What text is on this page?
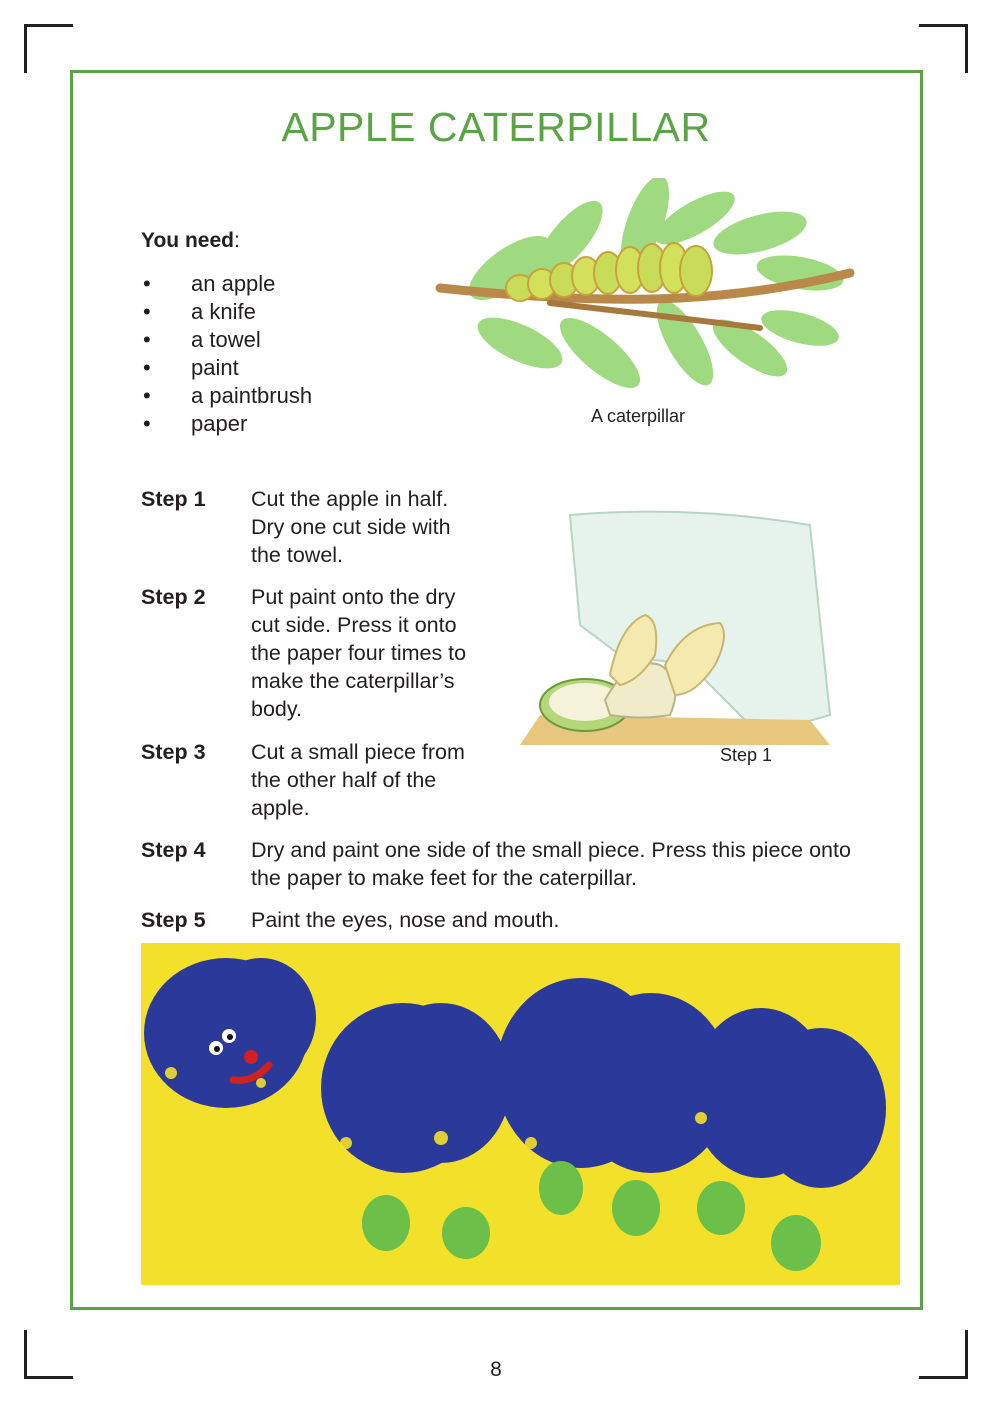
APPLE CATERPILLAR
You need:
• an apple
• a knife
• a towel
• paint
• a paintbrush
• paper	A caterpillar
Step 1
Step 1 Cut the apple in half. Dry one cut side with the towel.
Step 2 Put paint onto the dry cut side. Press it onto the paper four times to make the caterpillar’s body.
Step 3 Cut a small piece from the other half of the apple.
Step 4 Dry and paint one side of the small piece. Press this piece onto the paper to make feet for the caterpillar.
Step 5 Paint the eyes, nose and mouth.
8
